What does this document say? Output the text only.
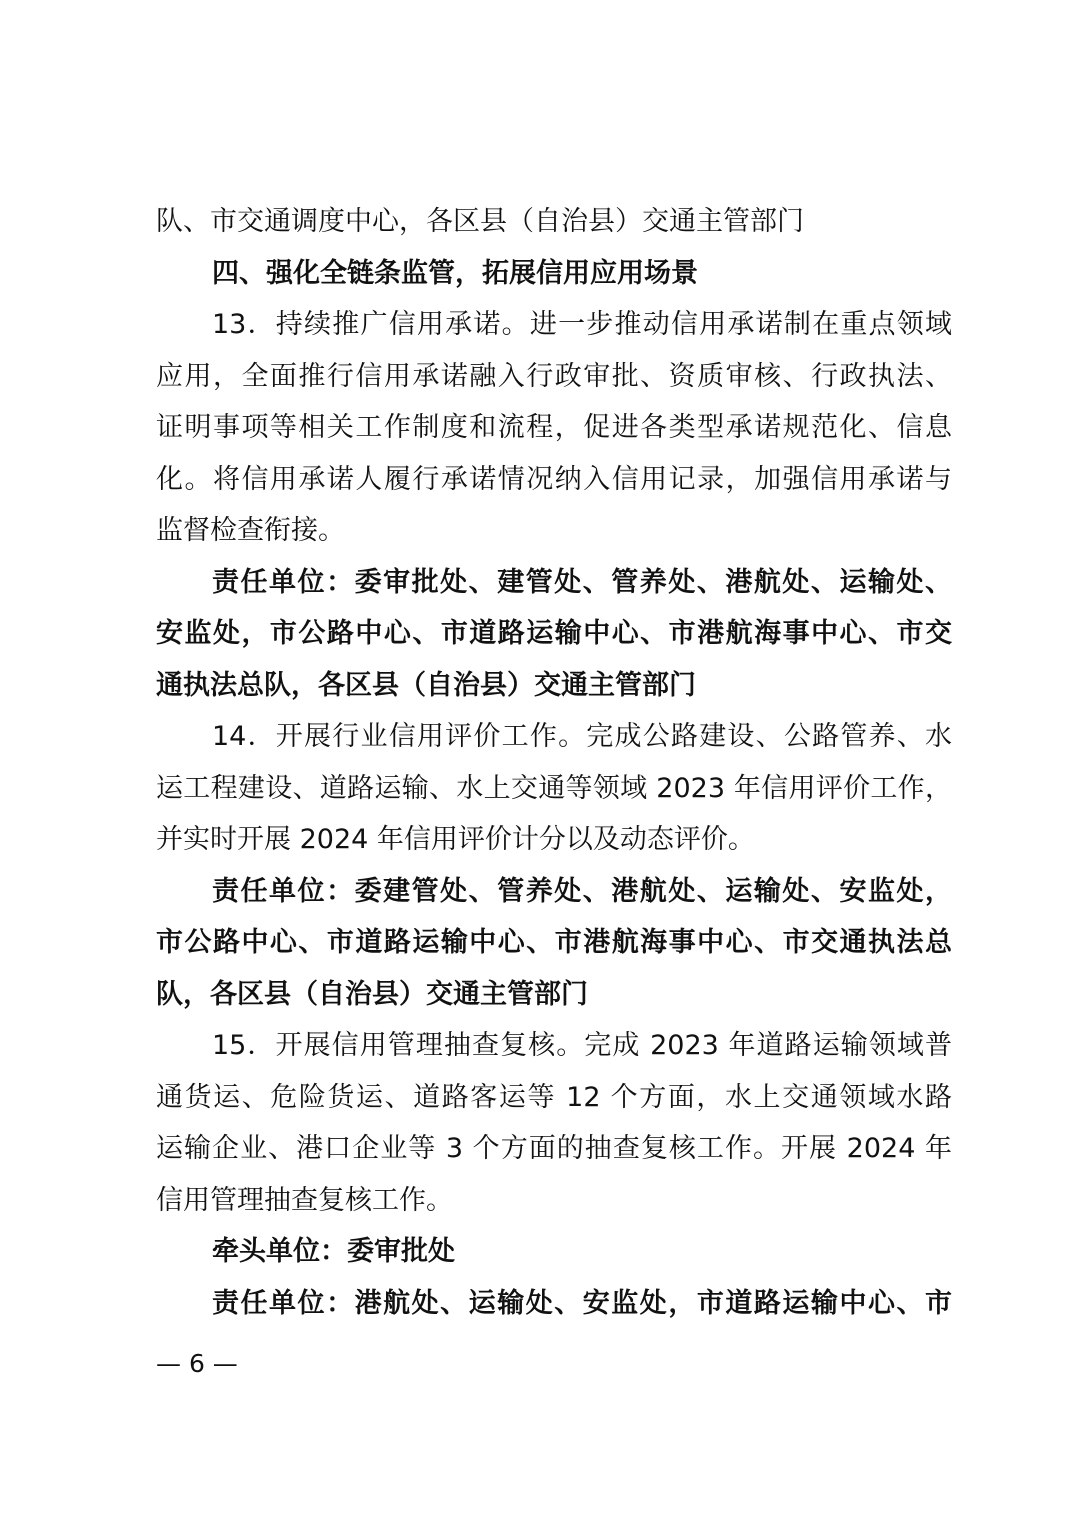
队、市交通调度中心，各区县（自治县）交通主管部门
四、强化全链条监管，拓展信用应用场景
13．持续推广信用承诺。进一步推动信用承诺制在重点领域
应用，全面推行信用承诺融入行政审批、资质审核、行政执法、
证明事项等相关工作制度和流程，促进各类型承诺规范化、信息
化。将信用承诺人履行承诺情况纳入信用记录，加强信用承诺与
监督检查衔接。
责任单位：委审批处、建管处、管养处、港航处、运输处、
安监处，市公路中心、市道路运输中心、市港航海事中心、市交
通执法总队，各区县（自治县）交通主管部门
14．开展行业信用评价工作。完成公路建设、公路管养、水
运工程建设、道路运输、水上交通等领域 2023 年信用评价工作，
并实时开展 2024 年信用评价计分以及动态评价。
责任单位：委建管处、管养处、港航处、运输处、安监处，
市公路中心、市道路运输中心、市港航海事中心、市交通执法总
队，各区县（自治县）交通主管部门
15．开展信用管理抽查复核。完成 2023 年道路运输领域普
通货运、危险货运、道路客运等 12 个方面，水上交通领域水路
运输企业、港口企业等 3 个方面的抽查复核工作。开展 2024 年
信用管理抽查复核工作。
牵头单位：委审批处
责任单位：港航处、运输处、安监处，市道路运输中心、市
— 6 —
